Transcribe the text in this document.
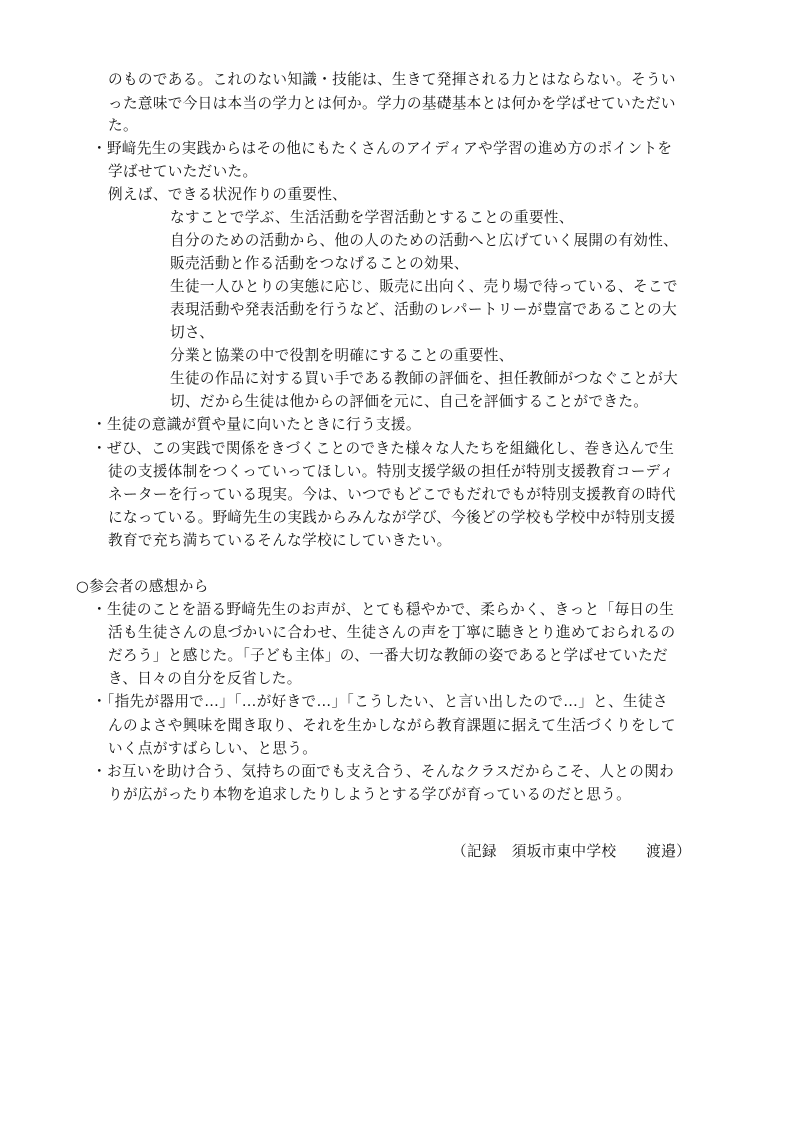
のものである。これのない知識・技能は、生きて発揮される力とはならない。そうい
った意味で今日は本当の学力とは何か。学力の基礎基本とは何かを学ばせていただい
た。
・野﨑先生の実践からはその他にもたくさんのアイディアや学習の進め方のポイントを
学ばせていただいた。
例えば、できる状況作りの重要性、
なすことで学ぶ、生活活動を学習活動とすることの重要性、
自分のための活動から、他の人のための活動へと広げていく展開の有効性、
販売活動と作る活動をつなげることの効果、
生徒一人ひとりの実態に応じ、販売に出向く、売り場で待っている、そこで
表現活動や発表活動を行うなど、活動のレパートリーが豊富であることの大
切さ、
分業と協業の中で役割を明確にすることの重要性、
生徒の作品に対する買い手である教師の評価を、担任教師がつなぐことが大
切、だから生徒は他からの評価を元に、自己を評価することができた。
・生徒の意識が質や量に向いたときに行う支援。
・ぜひ、この実践で関係をきづくことのできた様々な人たちを組織化し、巻き込んで生
徒の支援体制をつくっていってほしい。特別支援学級の担任が特別支援教育コーディ
ネーターを行っている現実。今は、いつでもどこでもだれでもが特別支援教育の時代
になっている。野﨑先生の実践からみんなが学び、今後どの学校も学校中が特別支援
教育で充ち満ちているそんな学校にしていきたい。
○参会者の感想から
・生徒のことを語る野﨑先生のお声が、とても穏やかで、柔らかく、きっと「毎日の生
活も生徒さんの息づかいに合わせ、生徒さんの声を丁寧に聴きとり進めておられるの
だろう」と感じた。「子ども主体」の、一番大切な教師の姿であると学ばせていただ
き、日々の自分を反省した。
・「指先が器用で…」「…が好きで…」「こうしたい、と言い出したので…」と、生徒さ
んのよさや興味を聞き取り、それを生かしながら教育課題に据えて生活づくりをして
いく点がすばらしい、と思う。
・お互いを助け合う、気持ちの面でも支え合う、そんなクラスだからこそ、人との関わ
りが広がったり本物を追求したりしようとする学びが育っているのだと思う。
（記録　須坂市東中学校　　渡邉）
